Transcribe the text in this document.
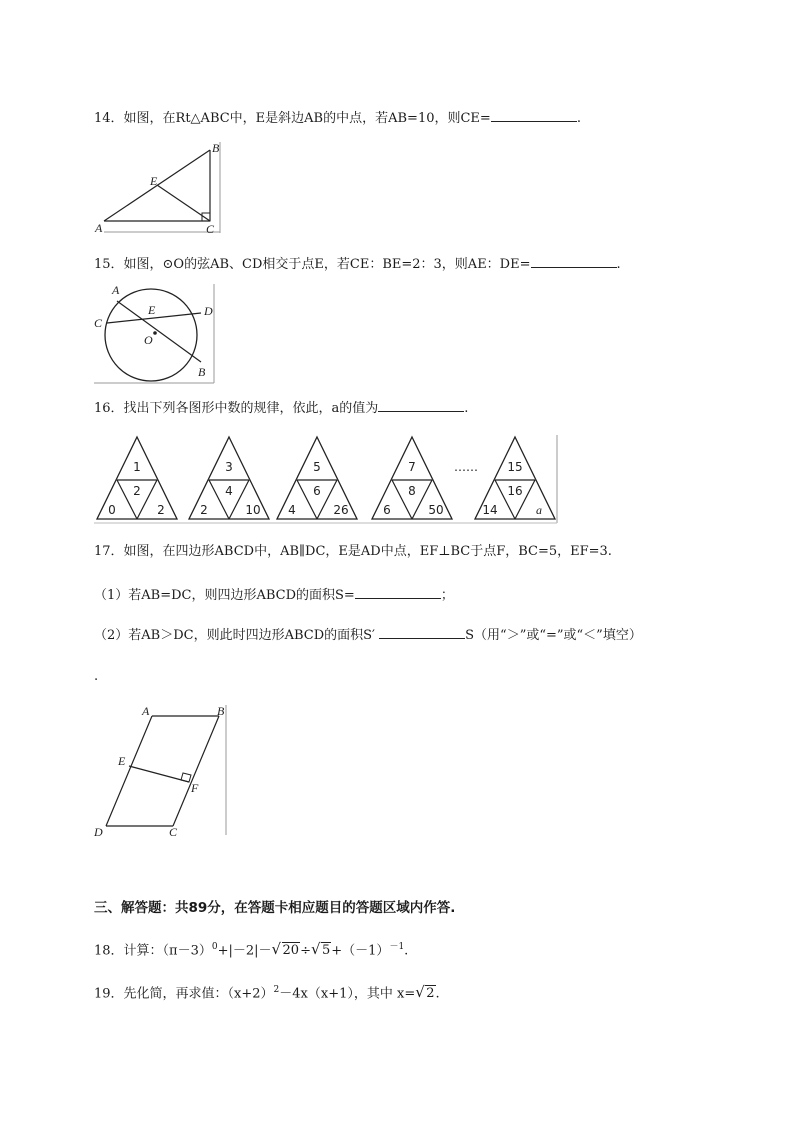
14．如图，在Rt△ABC中，E是斜边AB的中点，若AB=10，则CE=	.
A
B
C
E
15．如图，⊙O的弦AB、CD相交于点E，若CE：BE=2：3，则AE：DE=	.
A
B
C
D
E
O
16．找出下列各图形中数的规律，依此，a的值为	.
……
1
2
0	2
3
4
2	10
5
6
4	26
7
8
6	50
15
16
14	a
17．如图，在四边形ABCD中，AB∥DC，E是AD中点，EF⊥BC于点F，BC=5，EF=3.
（1）若AB=DC，则四边形ABCD的面积S=	；
（2）若AB＞DC，则此时四边形ABCD的面积S′	S（用“＞”或“=”或“＜”填空）
.
A	B
C
D
E
F
三、解答题：共89分，在答题卡相应题目的答题区域内作答.
18．计算：$(\pi-3)^0+|-2|-$ √ 20÷ √ $5+(-1)^{-1}$.
19．先化简，再求值：$(x+2)^2-4x(x+1)$，其中 x= √ 2.
